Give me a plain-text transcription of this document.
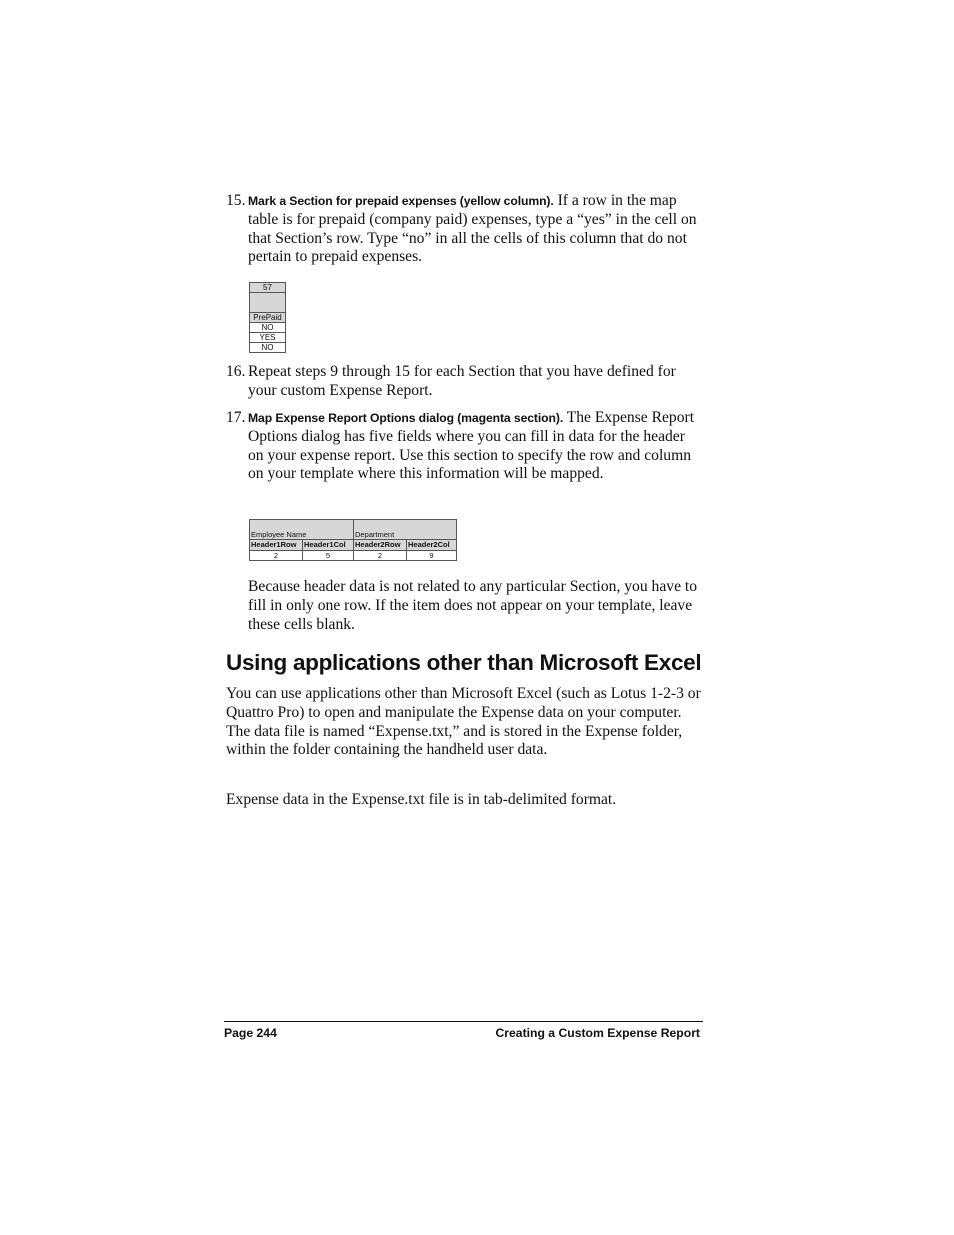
15. Mark a Section for prepaid expenses (yellow column). If a row in the map table is for prepaid (company paid) expenses, type a “yes” in the cell on that Section’s row. Type “no” in all the cells of this column that do not pertain to prepaid expenses.
57
PrePaid
NO
YES
NO
16. Repeat steps 9 through 15 for each Section that you have defined for your custom Expense Report.
17. Map Expense Report Options dialog (magenta section). The Expense Report Options dialog has five fields where you can fill in data for the header on your expense report. Use this section to specify the row and column on your template where this information will be mapped.
Employee Name	Department
Header1Row	Header1Col	Header2Row	Header2Col
2	5	2	9

Because header data is not related to any particular Section, you have to fill in only one row. If the item does not appear on your template, leave these cells blank.

Using applications other than Microsoft Excel

You can use applications other than Microsoft Excel (such as Lotus 1-2-3 or Quattro Pro) to open and manipulate the Expense data on your computer. The data file is named “Expense.txt,” and is stored in the Expense folder, within the folder containing the handheld user data.

Expense data in the Expense.txt file is in tab-delimited format.

Page 244	Creating a Custom Expense Report
